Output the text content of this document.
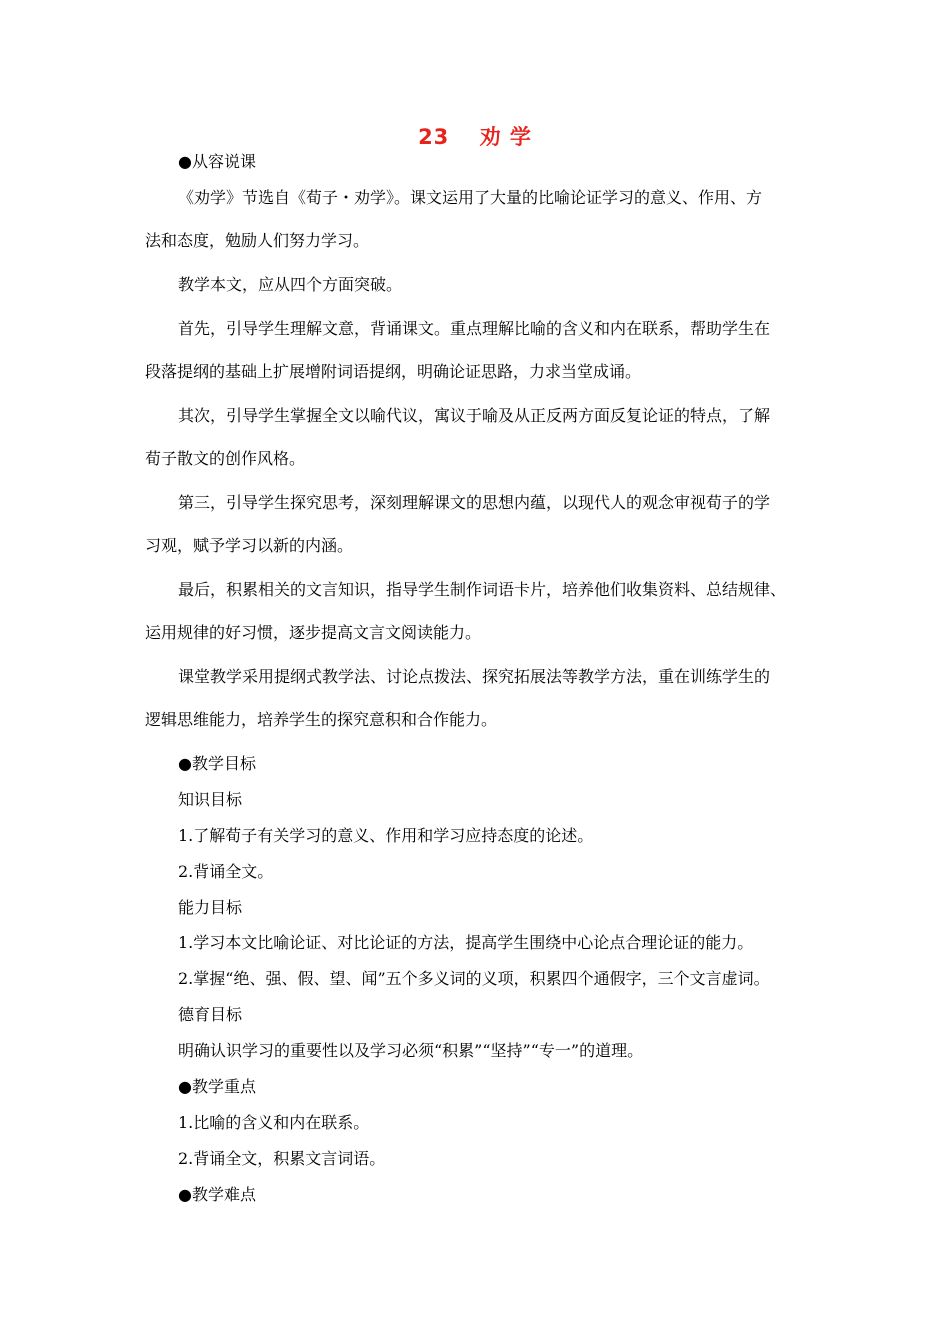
23　 劝 学
●从容说课
《劝学》节选自《荀子・劝学》。课文运用了大量的比喻论证学习的意义、作用、方
法和态度，勉励人们努力学习。
教学本文，应从四个方面突破。
首先，引导学生理解文意，背诵课文。重点理解比喻的含义和内在联系，帮助学生在
段落提纲的基础上扩展增附词语提纲，明确论证思路，力求当堂成诵。
其次，引导学生掌握全文以喻代议，寓议于喻及从正反两方面反复论证的特点，了解
荀子散文的创作风格。
第三，引导学生探究思考，深刻理解课文的思想内蕴，以现代人的观念审视荀子的学
习观，赋予学习以新的内涵。
最后，积累相关的文言知识，指导学生制作词语卡片，培养他们收集资料、总结规律、
运用规律的好习惯，逐步提高文言文阅读能力。
课堂教学采用提纲式教学法、讨论点拨法、探究拓展法等教学方法，重在训练学生的
逻辑思维能力，培养学生的探究意积和合作能力。
●教学目标
知识目标
1.了解荀子有关学习的意义、作用和学习应持态度的论述。
2.背诵全文。
能力目标
1.学习本文比喻论证、对比论证的方法，提高学生围绕中心论点合理论证的能力。
2.掌握“绝、强、假、望、闻”五个多义词的义项，积累四个通假字，三个文言虚词。
德育目标
明确认识学习的重要性以及学习必须“积累”“坚持”“专一”的道理。
●教学重点
1.比喻的含义和内在联系。
2.背诵全文，积累文言词语。
●教学难点
